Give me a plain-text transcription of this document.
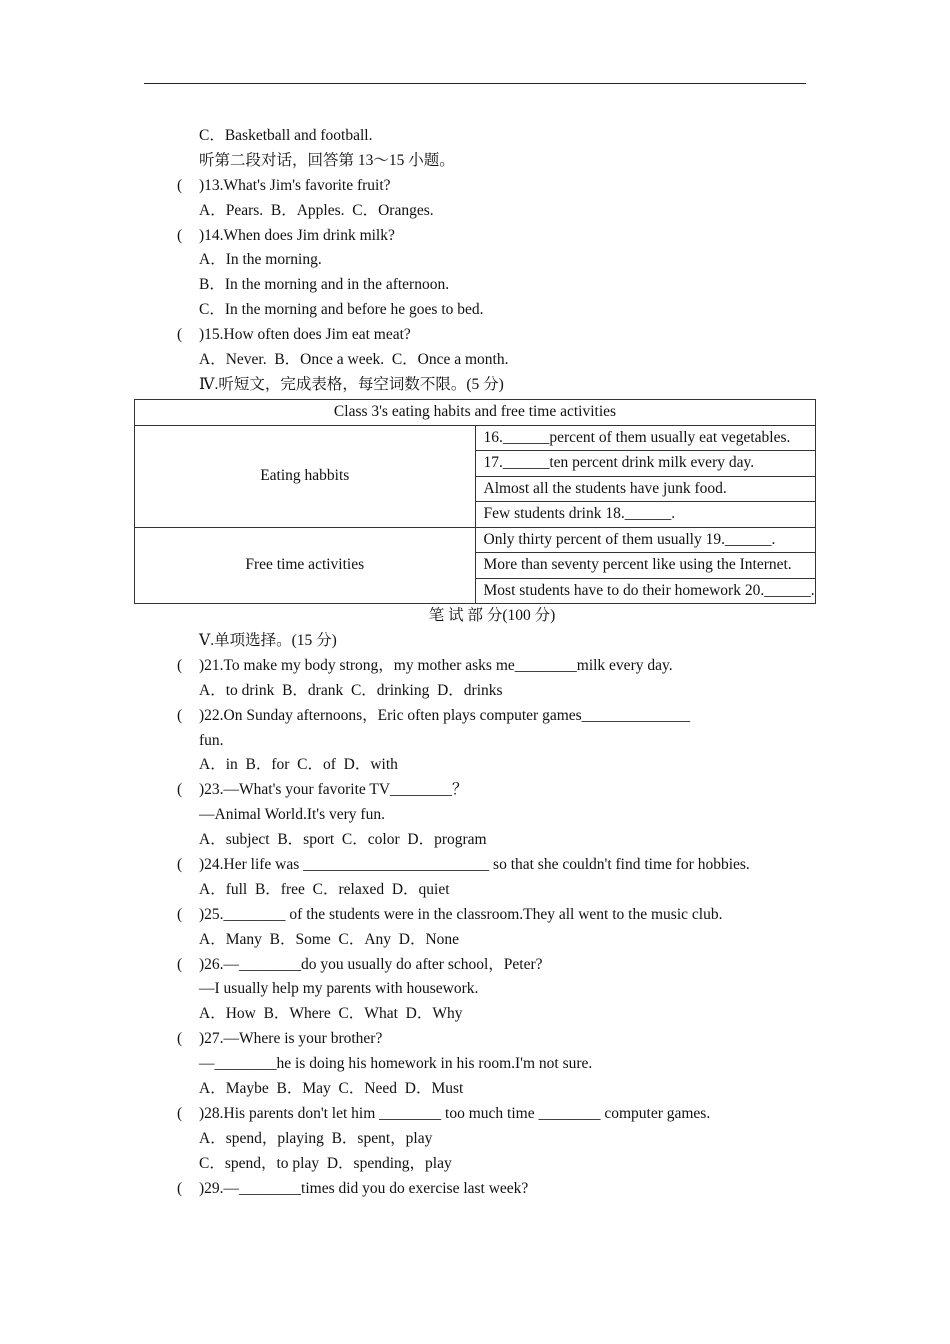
C．Basketball and football.
听第二段对话，回答第 13～15 小题。
( )13.What's Jim's favorite fruit?
A．Pears.  B．Apples.  C．Oranges.
( )14.When does Jim drink milk?
A．In the morning.
B．In the morning and in the afternoon.
C．In the morning and before he goes to bed.
( )15.How often does Jim eat meat?
A．Never.  B．Once a week.  C．Once a month.
Ⅳ.听短文，完成表格，每空词数不限。(5 分)
Class 3's eating habits and free time activities	
Eating habbits	16.______percent of them usually eat vegetables.
	17.______ten percent drink milk every day.
	Almost all the students have junk food.
	Few students drink 18.______.
Free time activities	Only thirty percent of them usually 19.______.
	More than seventy percent like using the Internet.
	Most students have to do their homework 20.______.
笔 试 部 分(100 分)
Ⅴ.单项选择。(15 分)
( )21.To make my body strong，my mother asks me________milk every day.
A．to drink  B．drank  C．drinking  D．drinks
( )22.On Sunday afternoons，Eric often plays computer games______________
fun.
A．in  B．for  C．of  D．with
( )23.—What's your favorite TV________？
—Animal World.It's very fun.
A．subject  B．sport  C．color  D．program
( )24.Her life was ________________________ so that she couldn't find time for hobbies.
A．full  B．free  C．relaxed  D．quiet
( )25.________ of the students were in the classroom.They all went to the music club.
A．Many  B．Some  C．Any  D．None
( )26.—________do you usually do after school，Peter?
—I usually help my parents with housework.
A．How  B．Where  C．What  D．Why
( )27.—Where is your brother?
—________he is doing his homework in his room.I'm not sure.
A．Maybe  B．May  C．Need  D．Must
( )28.His parents don't let him ________ too much time ________ computer games.
A．spend，playing  B．spent，play
C．spend，to play  D．spending，play
( )29.—________times did you do exercise last week?
